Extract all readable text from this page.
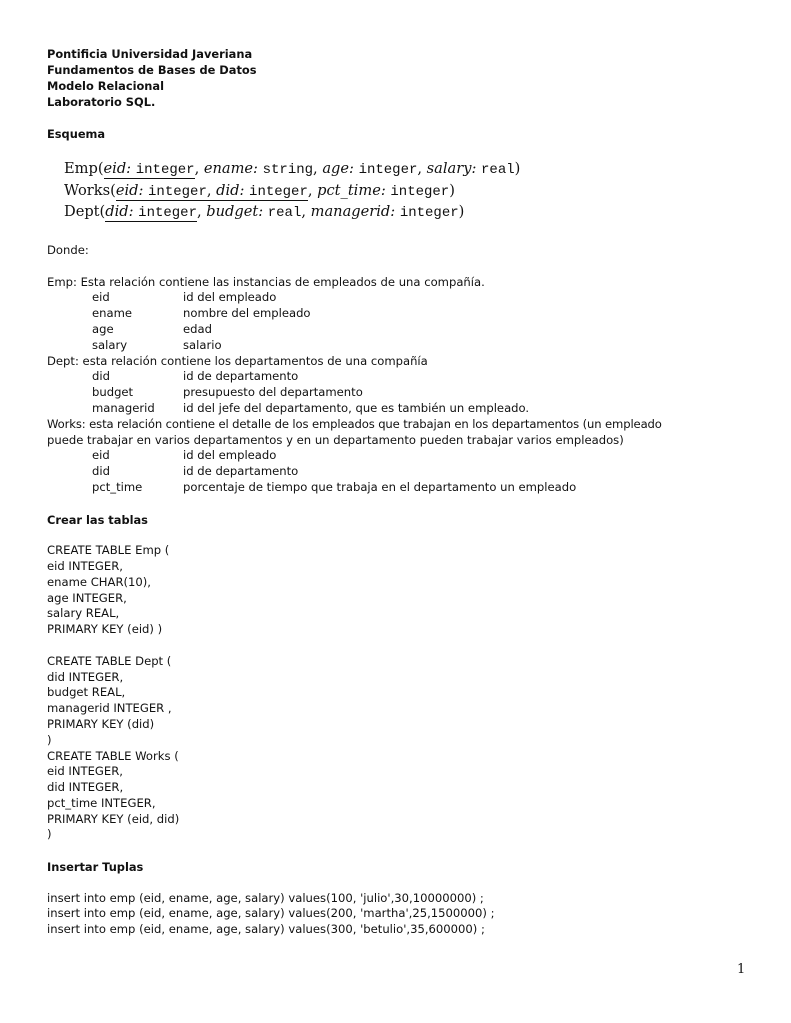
Pontificia Universidad Javeriana
Fundamentos de Bases de Datos
Modelo Relacional
Laboratorio SQL.
Esquema
Emp(eid: integer, ename: string, age: integer, salary: real)
Works(eid: integer, did: integer, pct_time: integer)
Dept(did: integer, budget: real, managerid: integer)
Donde:
Emp: Esta relación contiene las instancias de empleados de una compañía.
eid	id del empleado
ename	nombre del empleado
age	edad
salary	salario
Dept: esta relación contiene los departamentos de una compañía
did	id de departamento
budget	presupuesto del departamento
managerid	id del jefe del departamento, que es también un empleado.
Works: esta relación contiene el detalle de los empleados que trabajan en los departamentos (un empleado
puede trabajar en varios departamentos y en un departamento pueden trabajar varios empleados)
eid	id del empleado
did	id de departamento
pct_time	porcentaje de tiempo que trabaja en el departamento un empleado
Crear las tablas
CREATE TABLE Emp (
eid INTEGER,
ename CHAR(10),
age INTEGER,
salary REAL,
PRIMARY KEY (eid) )
CREATE TABLE Dept (
did INTEGER,
budget REAL,
managerid INTEGER ,
PRIMARY KEY (did)
)
CREATE TABLE Works (
eid INTEGER,
did INTEGER,
pct_time INTEGER,
PRIMARY KEY (eid, did)
)
Insertar Tuplas
insert into emp (eid, ename, age, salary) values(100, 'julio',30,10000000) ;
insert into emp (eid, ename, age, salary) values(200, 'martha',25,1500000) ;
insert into emp (eid, ename, age, salary) values(300, 'betulio',35,600000) ;
1
